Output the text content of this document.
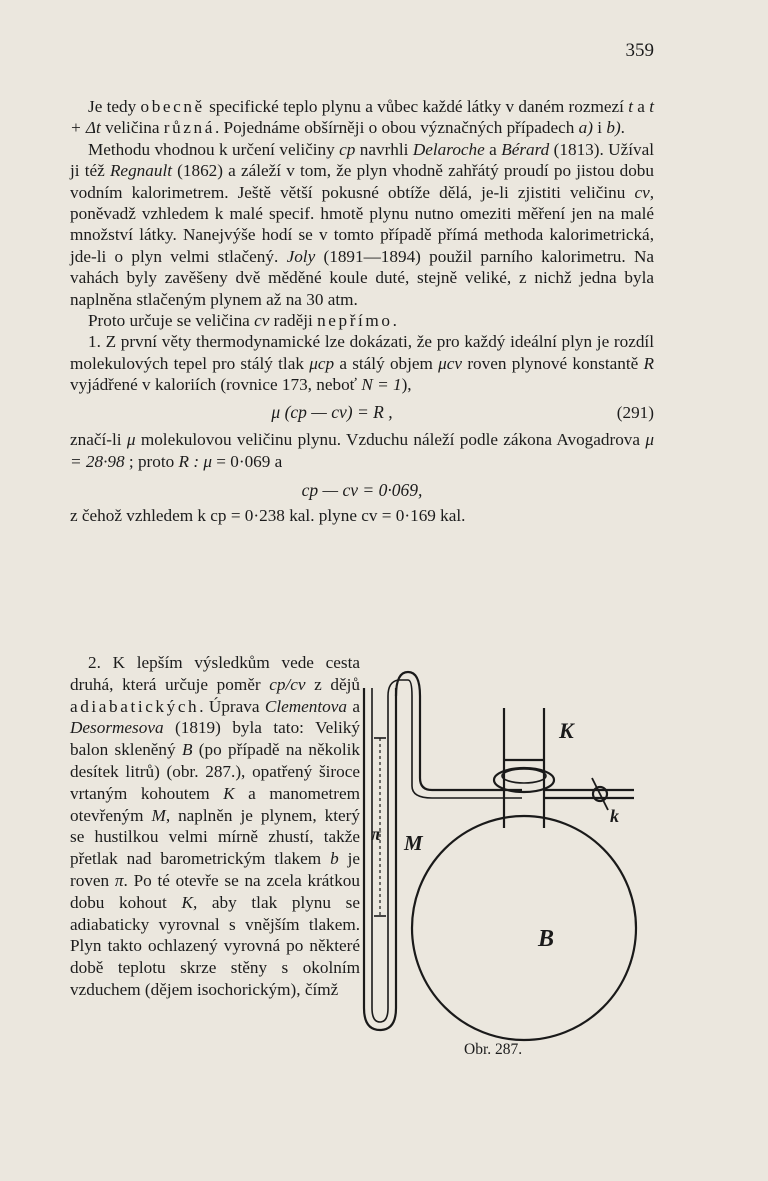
359

Je tedy obecně specifické teplo plynu a vůbec každé látky v daném rozmezí t a t + Δt veličina různá. Pojednáme obšírněji o obou význačných případech a) i b).

Methodu vhodnou k určení veličiny cp navrhli Delaroche a Bérard (1813). Užíval ji též Regnault (1862) a záleží v tom, že plyn vhodně zahřátý proudí po jistou dobu vodním kalorimetrem. Ještě větší pokusné obtíže dělá, je-li zjistiti veličinu cv, poněvadž vzhledem k malé specif. hmotě plynu nutno omeziti měření jen na malé množství látky. Nanejvýše hodí se v tomto případě přímá methoda kalorimetrická, jde-li o plyn velmi stlačený. Joly (1891—1894) použil parního kalorimetru. Na vahách byly zavěšeny dvě měděné koule duté, stejně veliké, z nichž jedna byla naplněna stlačeným plynem až na 30 atm.

Proto určuje se veličina cv raději nepřímo.

1. Z první věty thermodynamické lze dokázati, že pro každý ideální plyn je rozdíl molekulových tepel pro stálý tlak μcp a stálý objem μcv roven plynové konstantě R vyjádřené v kaloriích (rovnice 173, neboť N = 1),

μ (cp — cv) = R ,	(291)

značí-li μ molekulovou veličinu plynu. Vzduchu náleží podle zákona Avogadrova μ = 28·98 ; proto R : μ = 0·069 a

cp — cv = 0·069,

z čehož vzhledem k cp = 0·238 kal. plyne cv = 0·169 kal.

2. K lepším výsledkům vede cesta druhá, která určuje poměr cp/cv z dějů adiabatických. Úprava Clementova a Desormesova (1819) byla tato: Veliký balon skleněný B (po případě na několik desítek litrů) (obr. 287.), opatřený široce vrtaným kohoutem K a manometrem otevřeným M, naplněn je plynem, který se hustilkou velmi mírně zhustí, takže přetlak nad barometrickým tlakem b je roven π. Po té otevře se na zcela krátkou dobu kohout K, aby tlak plynu se adiabaticky vyrovnal s vnějším tlakem. Plyn takto ochlazený vyrovná po některé době teplotu skrze stěny s okolním vzduchem (dějem isochorickým), čímž

K
k
M
π
B
Obr. 287.
